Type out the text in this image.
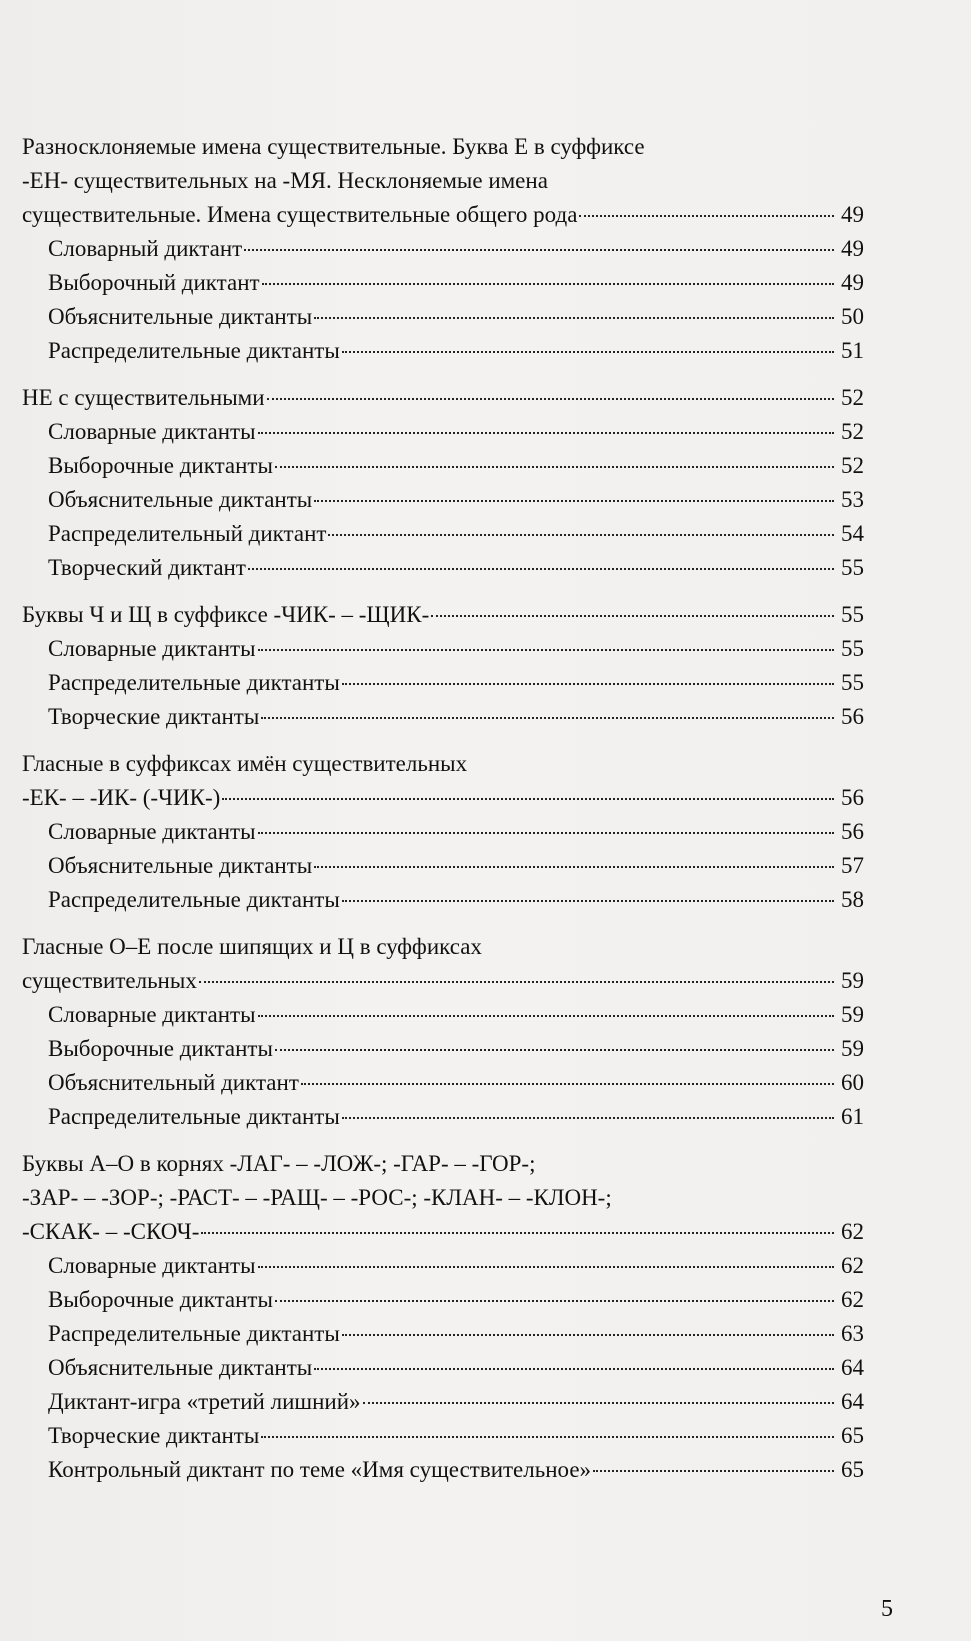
Разносклоняемые имена существительные. Буква Е в суффиксе
-ЕН- существительных на -МЯ. Несклоняемые имена
существительные. Имена существительные общего рода	49
Словарный диктант	49
Выборочный диктант	49
Объяснительные диктанты	50
Распределительные диктанты	51
НЕ с существительными	52
Словарные диктанты	52
Выборочные диктанты	52
Объяснительные диктанты	53
Распределительный диктант	54
Творческий диктант	55
Буквы Ч и Щ в суффиксе -ЧИК- – -ЩИК-	55
Словарные диктанты	55
Распределительные диктанты	55
Творческие диктанты	56
Гласные в суффиксах имён существительных
-ЕК- – -ИК- (-ЧИК-)	56
Словарные диктанты	56
Объяснительные диктанты	57
Распределительные диктанты	58
Гласные О–Е после шипящих и Ц в суффиксах
существительных	59
Словарные диктанты	59
Выборочные диктанты	59
Объяснительный диктант	60
Распределительные диктанты	61
Буквы А–О в корнях -ЛАГ- – -ЛОЖ-; -ГАР- – -ГОР-;
-ЗАР- – -ЗОР-; -РАСТ- – -РАЩ- – -РОС-; -КЛАН- – -КЛОН-;
-СКАК- – -СКОЧ-	62
Словарные диктанты	62
Выборочные диктанты	62
Распределительные диктанты	63
Объяснительные диктанты	64
Диктант-игра «третий лишний»	64
Творческие диктанты	65
Контрольный диктант по теме «Имя существительное»	65
5
